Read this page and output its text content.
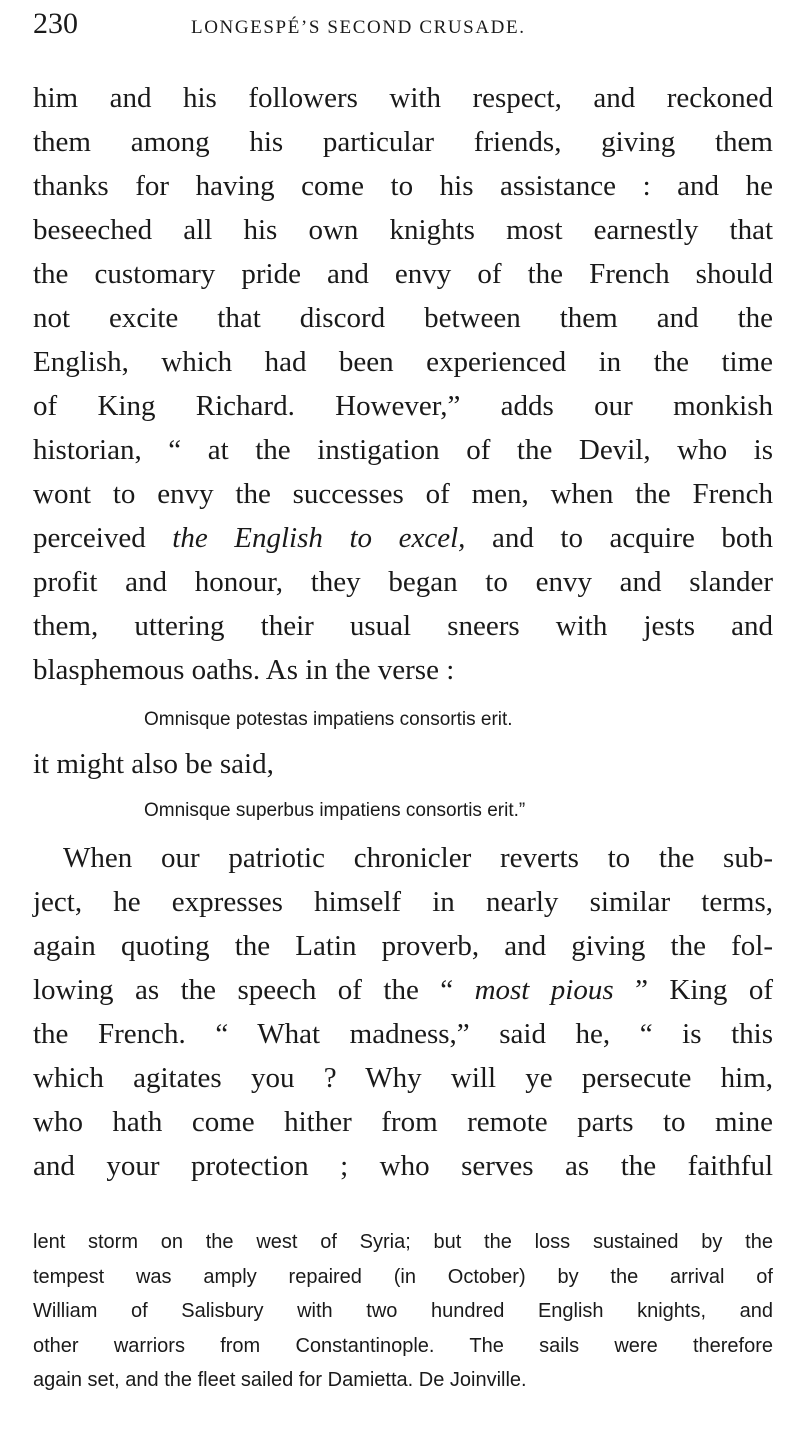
230	LONGESPÉ’S SECOND CRUSADE.
him and his followers with respect, and reckoned
them among his particular friends, giving them
thanks for having come to his assistance : and he
beseeched all his own knights most earnestly that
the customary pride and envy of the French should
not excite that discord between them and the
English, which had been experienced in the time
of King Richard. However,” adds our monkish
historian, “ at the instigation of the Devil, who is
wont to envy the successes of men, when the French
perceived the English to excel, and to acquire both
profit and honour, they began to envy and slander
them, uttering their usual sneers with jests and
blasphemous oaths. As in the verse :
Omnisque potestas impatiens consortis erit.
it might also be said,
Omnisque superbus impatiens consortis erit.”
When our patriotic chronicler reverts to the sub-
ject, he expresses himself in nearly similar terms,
again quoting the Latin proverb, and giving the fol-
lowing as the speech of the “ most pious ” King of
the French. “ What madness,” said he, “ is this
which agitates you ? Why will ye persecute him,
who hath come hither from remote parts to mine
and your protection ; who serves as the faithful
lent storm on the west of Syria; but the loss sustained by the
tempest was amply repaired (in October) by the arrival of
William of Salisbury with two hundred English knights, and
other warriors from Constantinople. The sails were therefore
again set, and the fleet sailed for Damietta. De Joinville.
